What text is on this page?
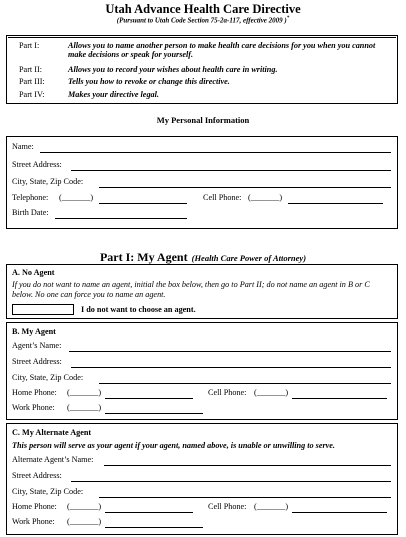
Utah Advance Health Care Directive
(Pursuant to Utah Code Section 75-2a-117, effective 2009 )*
Part I:	Allows you to name another person to make health care decisions for you when you cannot make decisions or speak for yourself.
Part II:	Allows you to record your wishes about health care in writing.
Part III:	Tells you how to revoke or change this directive.
Part IV:	Makes your directive legal.
My Personal Information
Name:
Street Address:
City, State, Zip Code:
Telephone: (_______)	Cell Phone: (_______)
Birth Date:
Part I: My Agent (Health Care Power of Attorney)
A. No Agent
If you do not want to name an agent, initial the box below, then go to Part II; do not name an agent in B or C below. No one can force you to name an agent.
I do not want to choose an agent.
B. My Agent
Agent’s Name:
Street Address:
City, State, Zip Code:
Home Phone: (_______)	Cell Phone: (_______)
Work Phone: (_______)
C. My Alternate Agent
This person will serve as your agent if your agent, named above, is unable or unwilling to serve.
Alternate Agent’s Name:
Street Address:
City, State, Zip Code:
Home Phone: (_______)	Cell Phone: (_______)
Work Phone: (_______)
